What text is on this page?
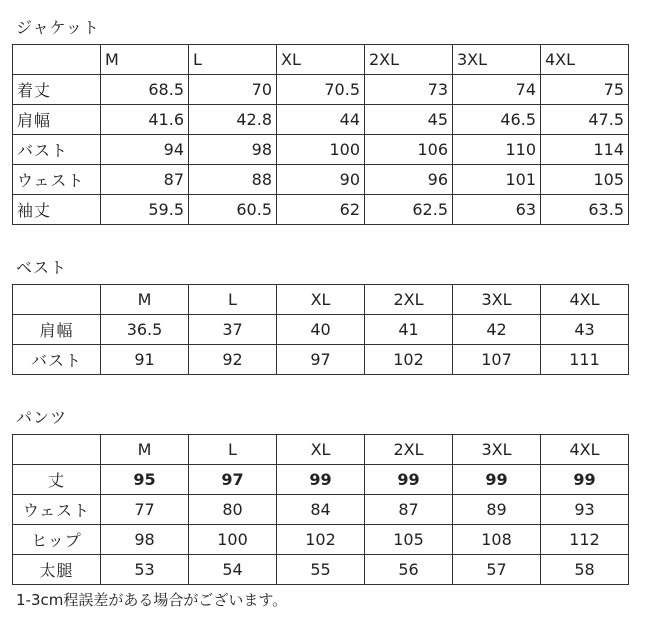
ジャケット
	M	L	XL	2XL	3XL	4XL
着丈	68.5	70	70.5	73	74	75
肩幅	41.6	42.8	44	45	46.5	47.5
バスト	94	98	100	106	110	114
ウェスト	87	88	90	96	101	105
袖丈	59.5	60.5	62	62.5	63	63.5
ベスト
	M	L	XL	2XL	3XL	4XL
肩幅	36.5	37	40	41	42	43
バスト	91	92	97	102	107	111
パンツ
	M	L	XL	2XL	3XL	4XL
丈	95	97	99	99	99	99
ウェスト	77	80	84	87	89	93
ヒップ	98	100	102	105	108	112
太腿	53	54	55	56	57	58
1-3cm程誤差がある場合がございます。
